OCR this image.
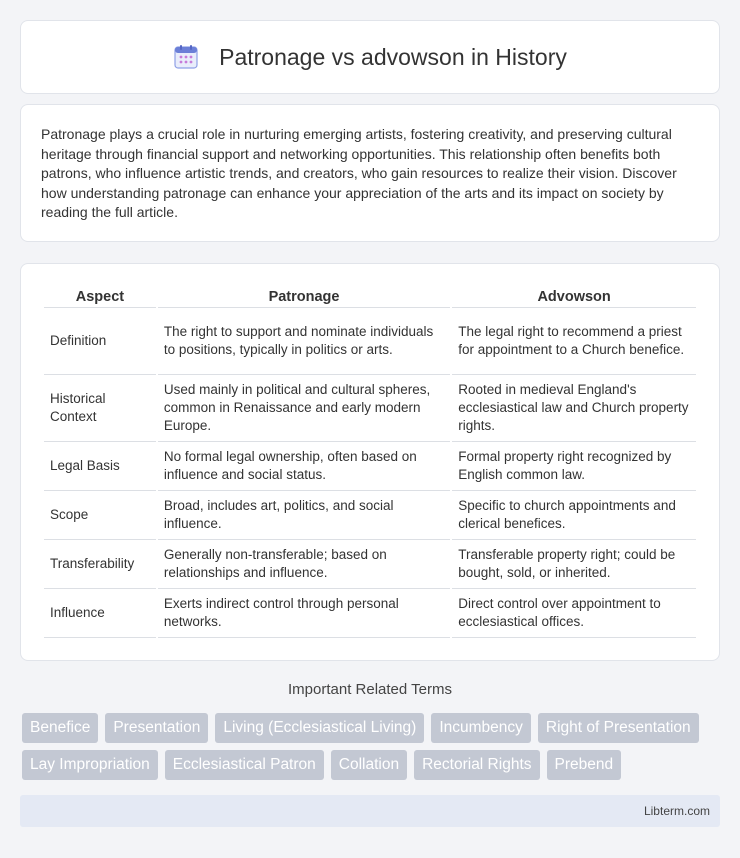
Patronage vs advowson in History

Patronage plays a crucial role in nurturing emerging artists, fostering creativity, and preserving cultural heritage through financial support and networking opportunities. This relationship often benefits both patrons, who influence artistic trends, and creators, who gain resources to realize their vision. Discover how understanding patronage can enhance your appreciation of the arts and its impact on society by reading the full article.

Aspect	Patronage	Advowson
Definition	The right to support and nominate individuals to positions, typically in politics or arts.	The legal right to recommend a priest for appointment to a Church benefice.
Historical Context	Used mainly in political and cultural spheres, common in Renaissance and early modern Europe.	Rooted in medieval England's ecclesiastical law and Church property rights.
Legal Basis	No formal legal ownership, often based on influence and social status.	Formal property right recognized by English common law.
Scope	Broad, includes art, politics, and social influence.	Specific to church appointments and clerical benefices.
Transferability	Generally non-transferable; based on relationships and influence.	Transferable property right; could be bought, sold, or inherited.
Influence	Exerts indirect control through personal networks.	Direct control over appointment to ecclesiastical offices.
Important Related Terms
Benefice	Presentation	Living (Ecclesiastical Living)	Incumbency	Right of Presentation
Lay Impropriation	Ecclesiastical Patron	Collation	Rectorial Rights	Prebend
Libterm.com
